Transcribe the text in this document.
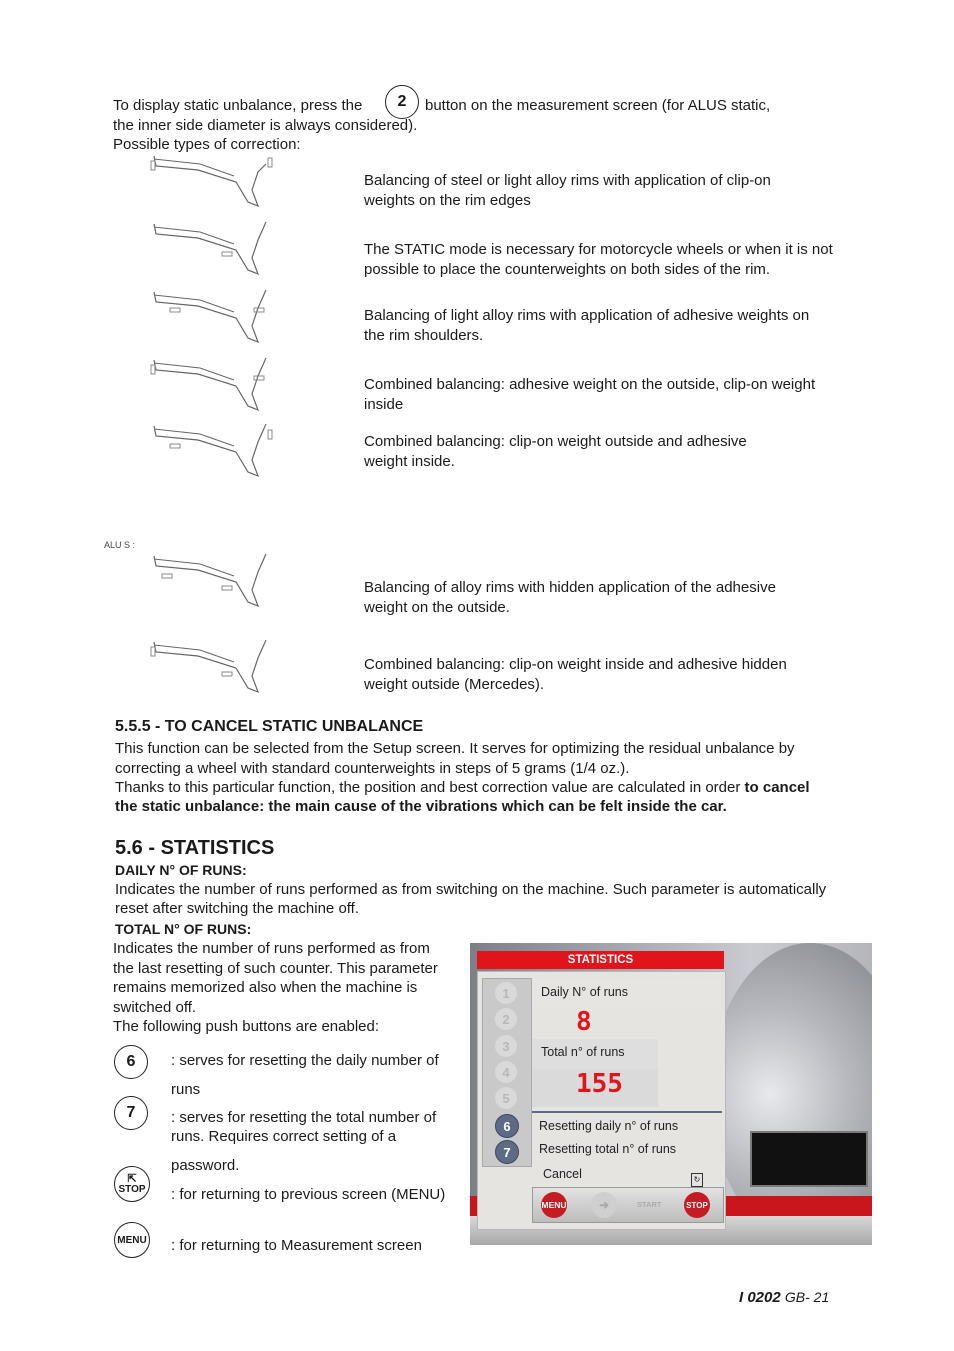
To display static unbalance, press the 2 button on the measurement screen (for ALUS static,
the inner side diameter is always considered).
Possible types of correction:
Balancing of steel or light alloy rims with application of clip-on
weights on the rim edges
The STATIC mode is necessary for motorcycle wheels or when it is not
possible to place the counterweights on both sides of the rim.
Balancing of light alloy rims with application of adhesive weights on
the rim shoulders.
Combined balancing: adhesive weight on the outside, clip-on weight
inside
Combined balancing: clip-on weight outside and adhesive
weight inside.
ALU S :
Balancing of alloy rims with hidden application of the adhesive
weight on the outside.
Combined balancing: clip-on weight inside and adhesive hidden
weight outside (Mercedes).
5.5.5 - TO CANCEL STATIC UNBALANCE
This function can be selected from the Setup screen. It serves for optimizing the residual unbalance by
correcting a wheel with standard counterweights in steps of 5 grams (1/4 oz.).
Thanks to this particular function, the position and best correction value are calculated in order to cancel
the static unbalance: the main cause of the vibrations which can be felt inside the car.
5.6 - STATISTICS
DAILY N° OF RUNS:
Indicates the number of runs performed as from switching on the machine. Such parameter is automatically
reset after switching the machine off.
TOTAL N° OF RUNS:
Indicates the number of runs performed as from
the last resetting of such counter. This parameter
remains memorized also when the machine is
switched off.
The following push buttons are enabled:
6 : serves for resetting the daily number of
runs
7 : serves for resetting the total number of
runs. Requires correct setting of a
password.
⇱
STOP : for returning to previous screen (MENU)
MENU : for returning to Measurement screen
STATISTICS
1
2
3
4
5
6
7
Daily N° of runs
8
Total n° of runs
155
Resetting daily n° of runs
Resetting total n° of runs
Cancel	↻
MENU	➜	START	STOP
I 0202 GB- 21
